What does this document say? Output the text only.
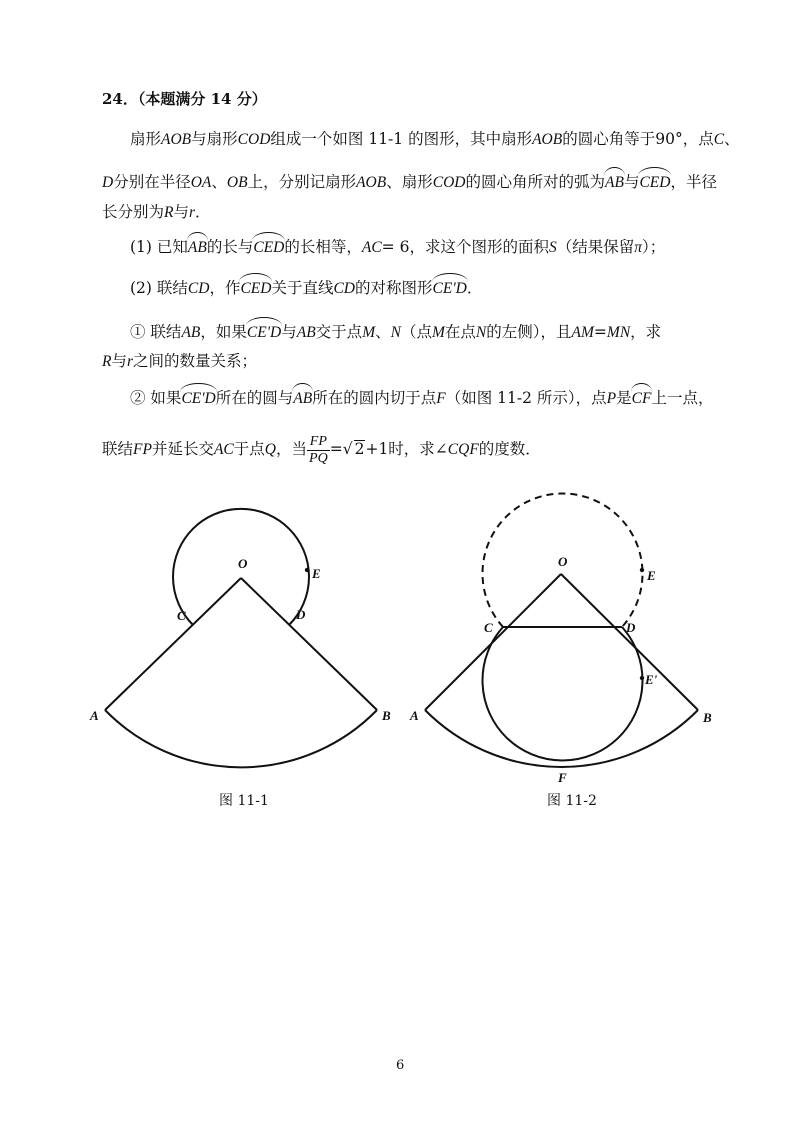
24．（本题满分 14 分）
扇形AOB与扇形COD组成一个如图 11-1 的图形，其中扇形AOB的圆心角等于90°，点C、
D分别在半径OA、OB上，分别记扇形AOB、扇形COD的圆心角所对的弧为AB与CED，半径
长分别为R与r．
(1) 已知AB的长与CED的长相等，AC= 6，求这个图形的面积S（结果保留π）；
(2) 联结CD，作CED关于直线CD的对称图形CE'D．
① 联结AB，如果CE'D与AB交于点M、N（点M在点N的左侧），且AM=MN，求
R与r之间的数量关系；
② 如果CE'D所在的圆与AB所在的圆内切于点F（如图 11-2 所示），点P是CF上一点，
联结FP并延长交AC于点Q，当 $\frac{FP}{PQ}$ =√ 2+1时，求∠CQF的度数．
O
E
C	D
A	B
O
E
C	D
E'
A	B
F
图 11-1	图 11-2
6
